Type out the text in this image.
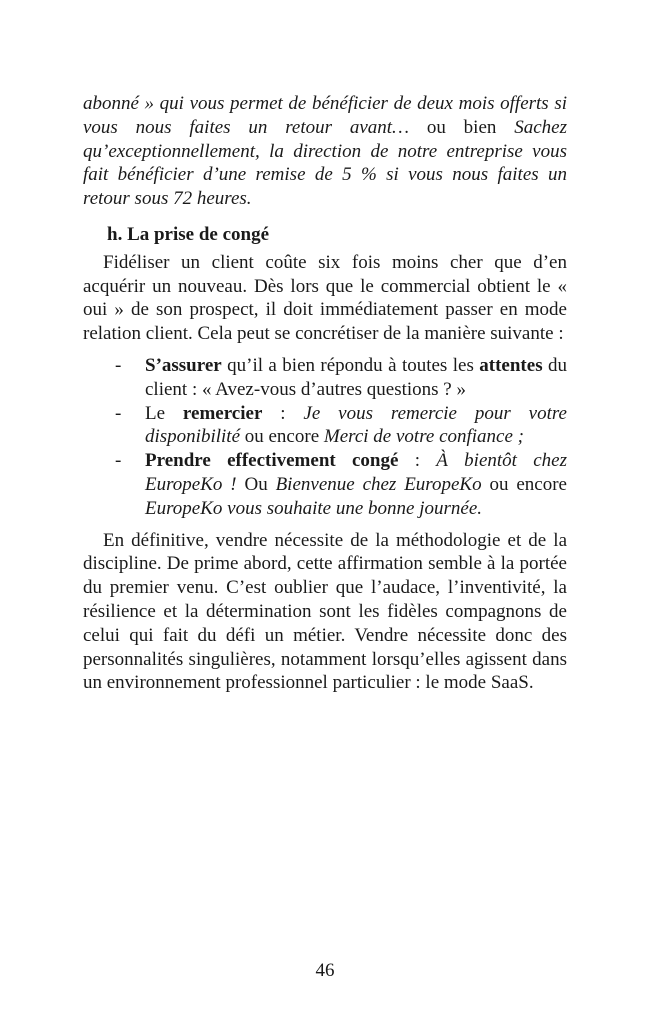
abonné » qui vous permet de bénéficier de deux mois offerts si vous nous faites un retour avant… ou bien Sachez qu’exceptionnellement, la direction de notre entreprise vous fait bénéficier d’une remise de 5 % si vous nous faites un retour sous 72 heures.

h. La prise de congé

Fidéliser un client coûte six fois moins cher que d’en acquérir un nouveau. Dès lors que le commercial obtient le « oui » de son prospect, il doit immédiatement passer en mode relation client. Cela peut se concrétiser de la manière suivante :

- S’assurer qu’il a bien répondu à toutes les attentes du client : « Avez-vous d’autres questions ? »
- Le remercier : Je vous remercie pour votre disponibilité ou encore Merci de votre confiance ;
- Prendre effectivement congé : À bientôt chez EuropeKo ! Ou Bienvenue chez EuropeKo ou encore EuropeKo vous souhaite une bonne journée.

En définitive, vendre nécessite de la méthodologie et de la discipline. De prime abord, cette affirmation semble à la portée du premier venu. C’est oublier que l’audace, l’inventivité, la résilience et la détermination sont les fidèles compagnons de celui qui fait du défi un métier. Vendre nécessite donc des personnalités singulières, notamment lorsqu’elles agissent dans un environnement professionnel particulier : le mode SaaS.

46
